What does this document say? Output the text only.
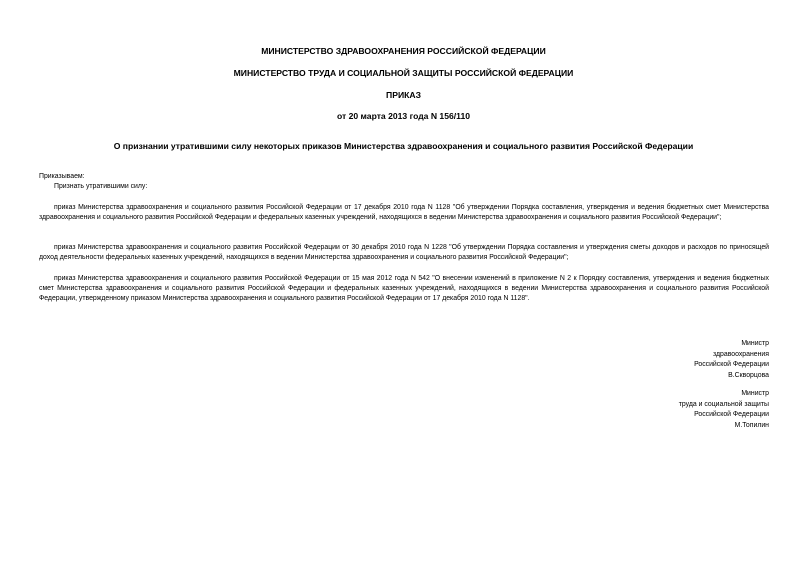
МИНИСТЕРСТВО ЗДРАВООХРАНЕНИЯ РОССИЙСКОЙ ФЕДЕРАЦИИ
МИНИСТЕРСТВО ТРУДА И СОЦИАЛЬНОЙ ЗАЩИТЫ РОССИЙСКОЙ ФЕДЕРАЦИИ
ПРИКАЗ
от 20 марта 2013 года N 156/110
О признании утратившими силу некоторых приказов Министерства здравоохранения и социального развития Российской Федерации
Приказываем:
Признать утратившими силу:
приказ Министерства здравоохранения и социального развития Российской Федерации от 17 декабря 2010 года N 1128 "Об утверждении Порядка составления, утверждения и ведения бюджетных смет Министерства здравоохранения и социального развития Российской Федерации и федеральных казенных учреждений, находящихся в ведении Министерства здравоохранения и социального развития Российской Федерации";
приказ Министерства здравоохранения и социального развития Российской Федерации от 30 декабря 2010 года N 1228 "Об утверждении Порядка составления и утверждения сметы доходов и расходов по приносящей доход деятельности федеральных казенных учреждений, находящихся в ведении Министерства здравоохранения и социального развития Российской Федерации";
приказ Министерства здравоохранения и социального развития Российской Федерации от 15 мая 2012 года N 542 "О внесении изменений в приложение N 2 к Порядку составления, утверждения и ведения бюджетных смет Министерства здравоохранения и социального развития Российской Федерации и федеральных казенных учреждений, находящихся в ведении Министерства здравоохранения и социального развития Российской Федерации, утвержденному приказом Министерства здравоохранения и социального развития Российской Федерации от 17 декабря 2010 года N 1128".
Министр
здравоохранения
Российской Федерации
В.Скворцова
Министр
труда и социальной защиты
Российской Федерации
М.Топилин
